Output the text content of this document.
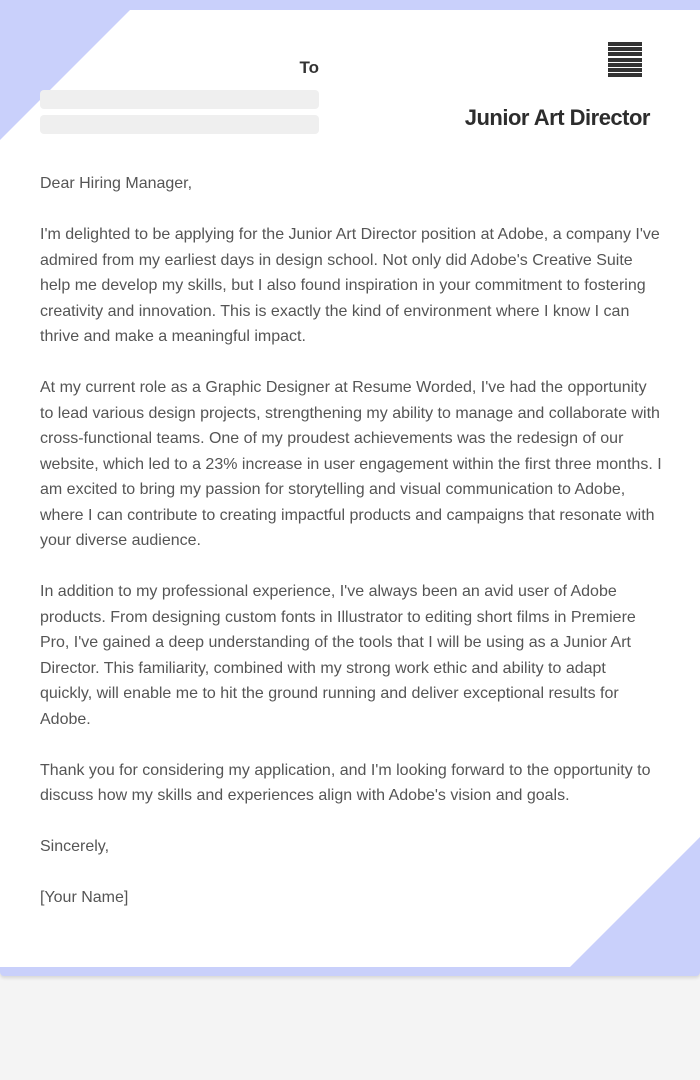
To
Junior Art Director

Dear Hiring Manager,

I'm delighted to be applying for the Junior Art Director position at Adobe, a company I've admired from my earliest days in design school. Not only did Adobe's Creative Suite help me develop my skills, but I also found inspiration in your commitment to fostering creativity and innovation. This is exactly the kind of environment where I know I can thrive and make a meaningful impact.

At my current role as a Graphic Designer at Resume Worded, I've had the opportunity to lead various design projects, strengthening my ability to manage and collaborate with cross-functional teams. One of my proudest achievements was the redesign of our website, which led to a 23% increase in user engagement within the first three months. I am excited to bring my passion for storytelling and visual communication to Adobe, where I can contribute to creating impactful products and campaigns that resonate with your diverse audience.

In addition to my professional experience, I've always been an avid user of Adobe products. From designing custom fonts in Illustrator to editing short films in Premiere Pro, I've gained a deep understanding of the tools that I will be using as a Junior Art Director. This familiarity, combined with my strong work ethic and ability to adapt quickly, will enable me to hit the ground running and deliver exceptional results for Adobe.

Thank you for considering my application, and I'm looking forward to the opportunity to discuss how my skills and experiences align with Adobe's vision and goals.

Sincerely,

[Your Name]
